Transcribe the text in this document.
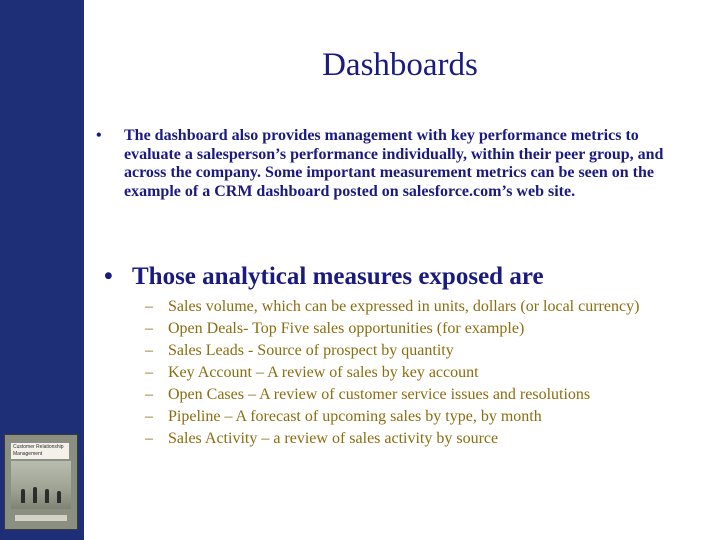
Customer Relationship Management
Dashboards
• The dashboard also provides management with key performance metrics to evaluate a salesperson’s performance individually, within their peer group, and across the company. Some important measurement metrics can be seen on the example of a CRM dashboard posted on salesforce.com’s web site.
• Those analytical measures exposed are
– Sales volume, which can be expressed in units, dollars (or local currency)
– Open Deals- Top Five sales opportunities (for example)
– Sales Leads - Source of prospect by quantity
– Key Account – A review of sales by key account
– Open Cases – A review of customer service issues and resolutions
– Pipeline – A forecast of upcoming sales by type, by month
– Sales Activity – a review of sales activity by source
